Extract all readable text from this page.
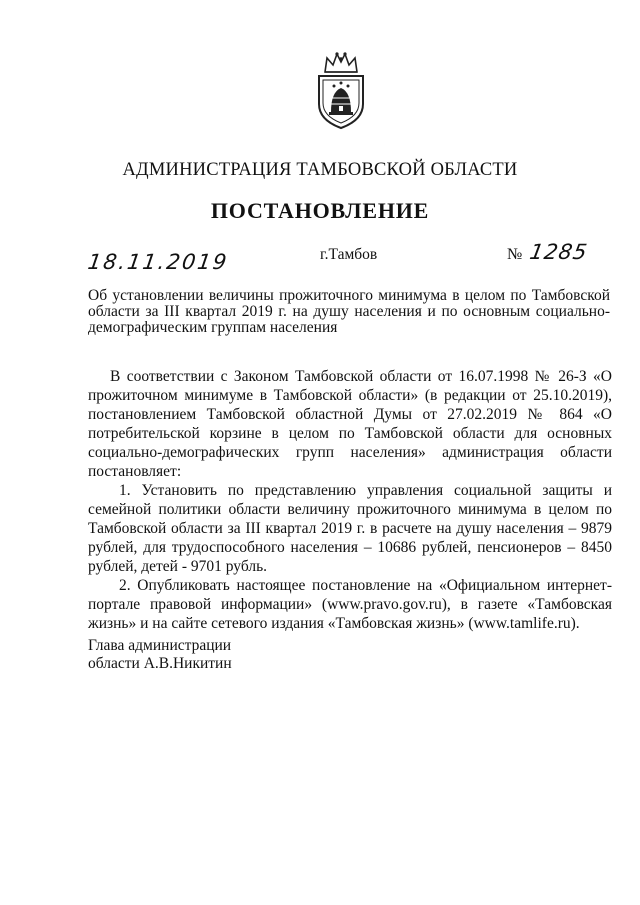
АДМИНИСТРАЦИЯ ТАМБОВСКОЙ ОБЛАСТИ
ПОСТАНОВЛЕНИЕ
18.11.2019	г.Тамбов	№ 1285
Об установлении величины прожиточного минимума в целом по Тамбовской области за III квартал 2019 г. на душу населения и по основным социально-демографическим группам населения

В соответствии с Законом Тамбовской области от 16.07.1998 № 26-З «О прожиточном минимуме в Тамбовской области» (в редакции от 25.10.2019), постановлением Тамбовской областной Думы от 27.02.2019 № 864 «О потребительской корзине в целом по Тамбовской области для основных социально-демографических групп населения» администрация области постановляет:

1. Установить по представлению управления социальной защиты и семейной политики области величину прожиточного минимума в целом по Тамбовской области за III квартал 2019 г. в расчете на душу населения – 9879 рублей, для трудоспособного населения – 10686 рублей, пенсионеров – 8450 рублей, детей - 9701 рубль.

2. Опубликовать настоящее постановление на «Официальном интернет-портале правовой информации» (www.pravo.gov.ru), в газете «Тамбовская жизнь» и на сайте сетевого издания «Тамбовская жизнь» (www.tamlife.ru).

Глава администрации
области А.В.Никитин
